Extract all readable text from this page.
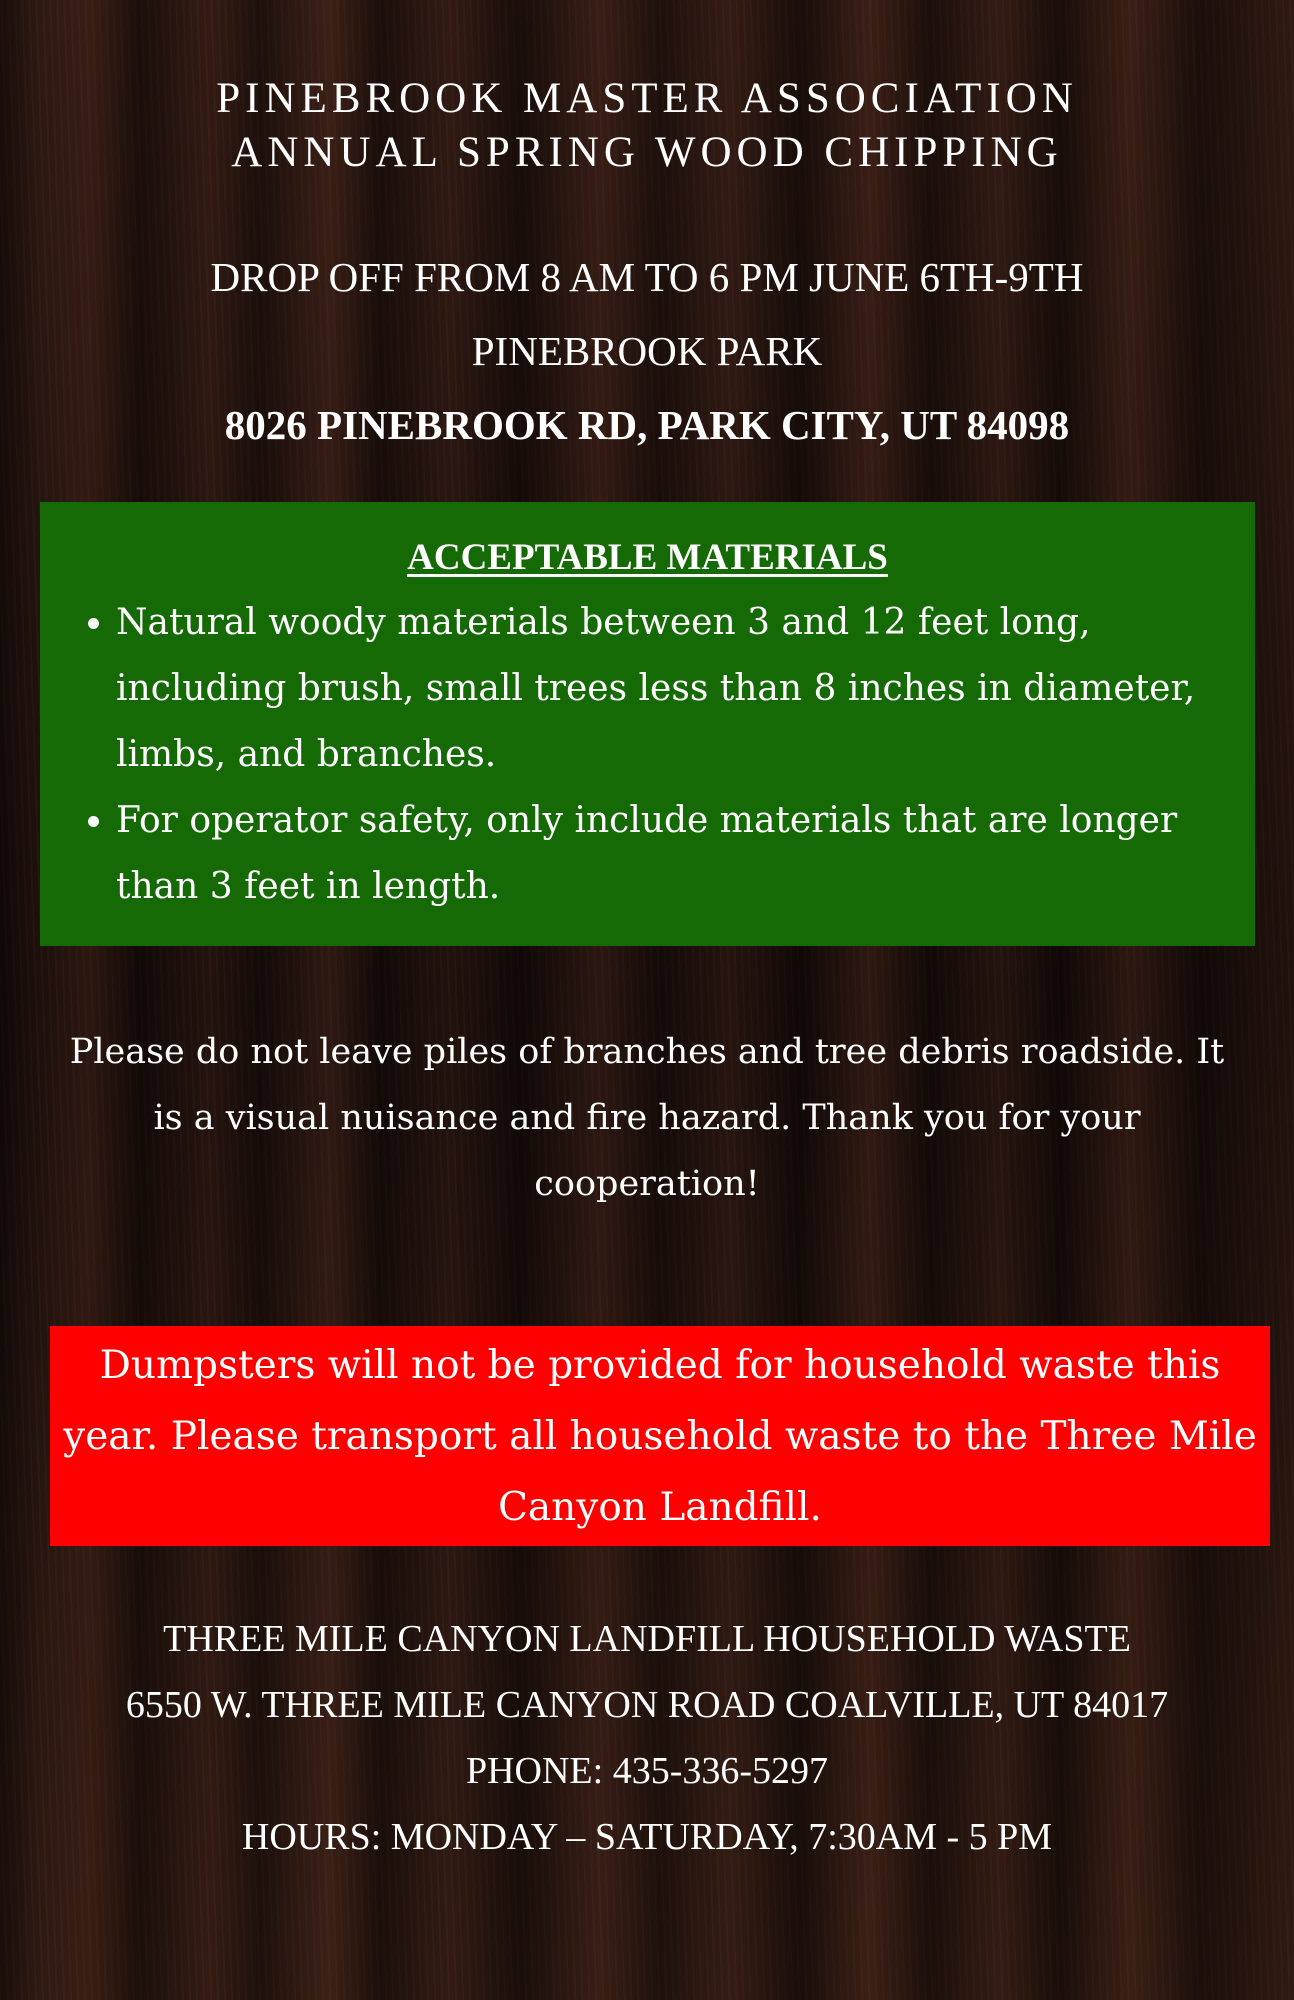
PINEBROOK MASTER ASSOCIATION
ANNUAL SPRING WOOD CHIPPING
DROP OFF FROM 8 AM TO 6 PM JUNE 6TH-9TH
PINEBROOK PARK
8026 PINEBROOK RD, PARK CITY, UT 84098
ACCEPTABLE MATERIALS
• Natural woody materials between 3 and 12 feet long, including brush, small trees less than 8 inches in diameter, limbs, and branches.
• For operator safety, only include materials that are longer than 3 feet in length.

Please do not leave piles of branches and tree debris roadside. It is a visual nuisance and fire hazard. Thank you for your cooperation!

Dumpsters will not be provided for household waste this year. Please transport all household waste to the Three Mile Canyon Landfill.

THREE MILE CANYON LANDFILL HOUSEHOLD WASTE
6550 W. THREE MILE CANYON ROAD COALVILLE, UT 84017
PHONE: 435-336-5297
HOURS: MONDAY – SATURDAY, 7:30AM - 5 PM
